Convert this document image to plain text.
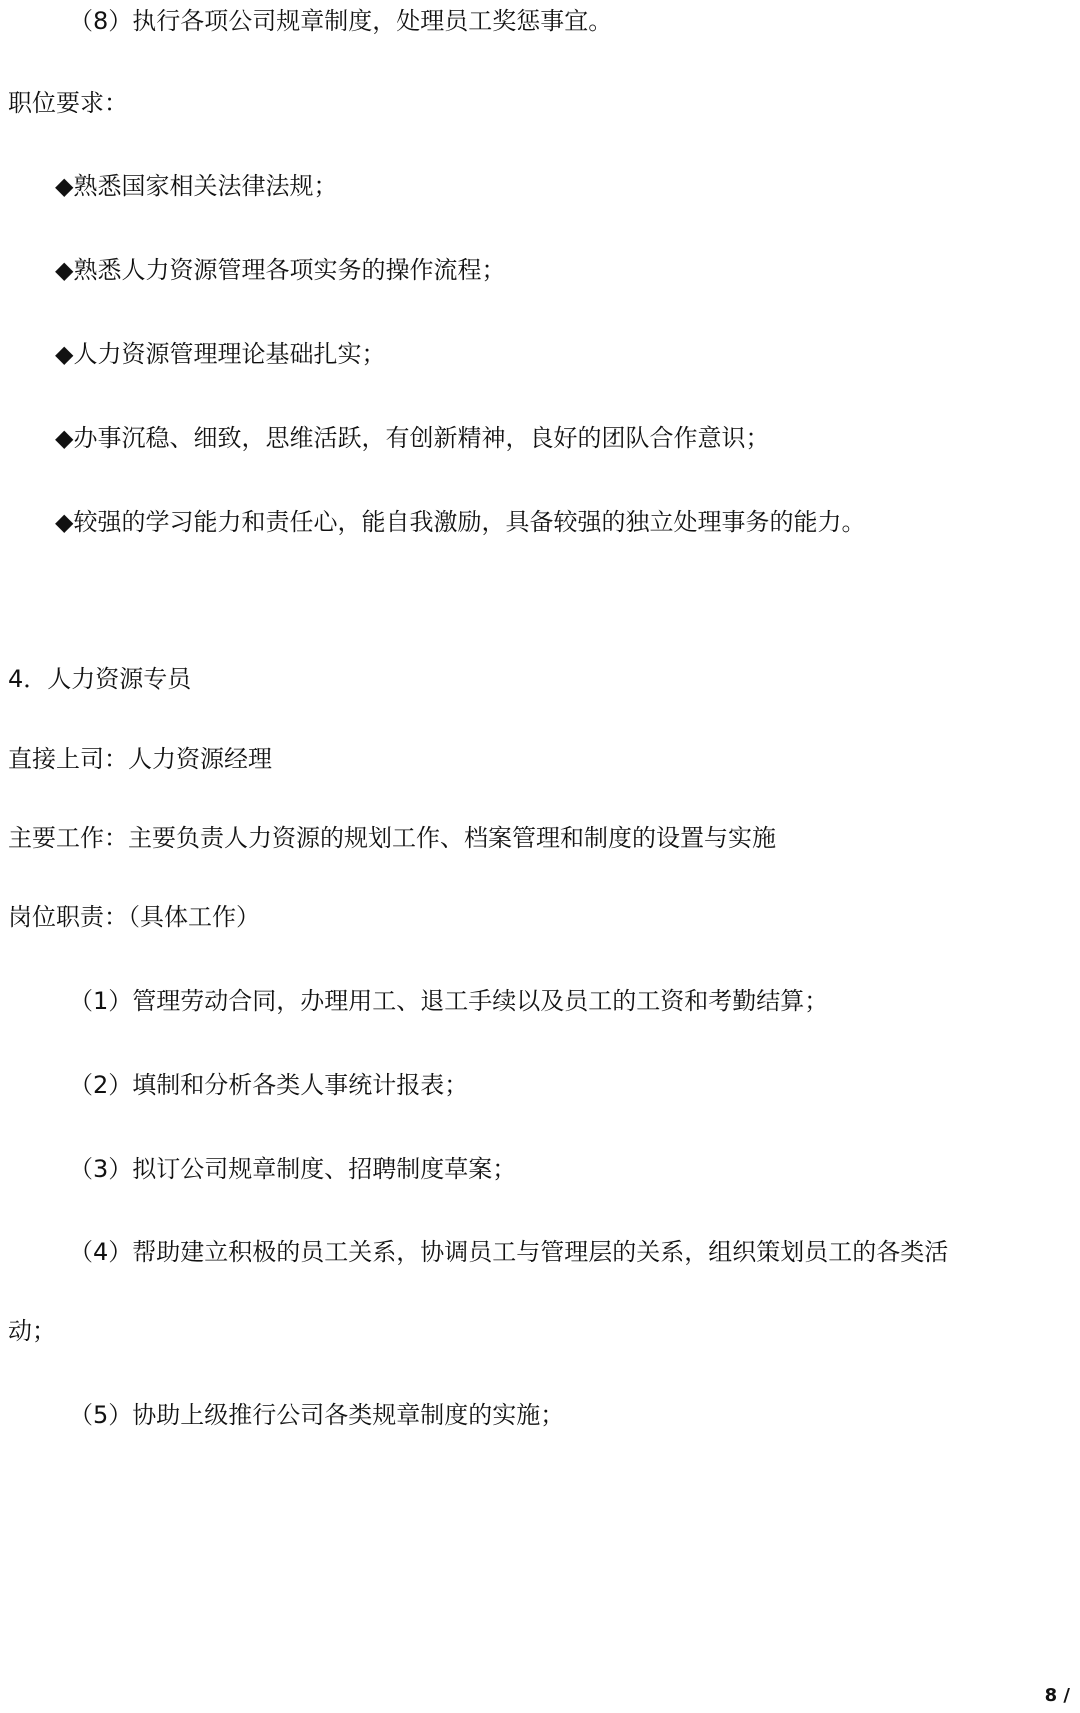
（8）执行各项公司规章制度，处理员工奖惩事宜。
职位要求：
◆熟悉国家相关法律法规；
◆熟悉人力资源管理各项实务的操作流程；
◆人力资源管理理论基础扎实；
◆办事沉稳、细致，思维活跃，有创新精神，良好的团队合作意识；
◆较强的学习能力和责任心，能自我激励，具备较强的独立处理事务的能力。
4．人力资源专员
直接上司：人力资源经理
主要工作：主要负责人力资源的规划工作、档案管理和制度的设置与实施
岗位职责：（具体工作）
（1）管理劳动合同，办理用工、退工手续以及员工的工资和考勤结算；
（2）填制和分析各类人事统计报表；
（3）拟订公司规章制度、招聘制度草案；
（4）帮助建立积极的员工关系，协调员工与管理层的关系，组织策划员工的各类活
动；
（5）协助上级推行公司各类规章制度的实施；
8 /
